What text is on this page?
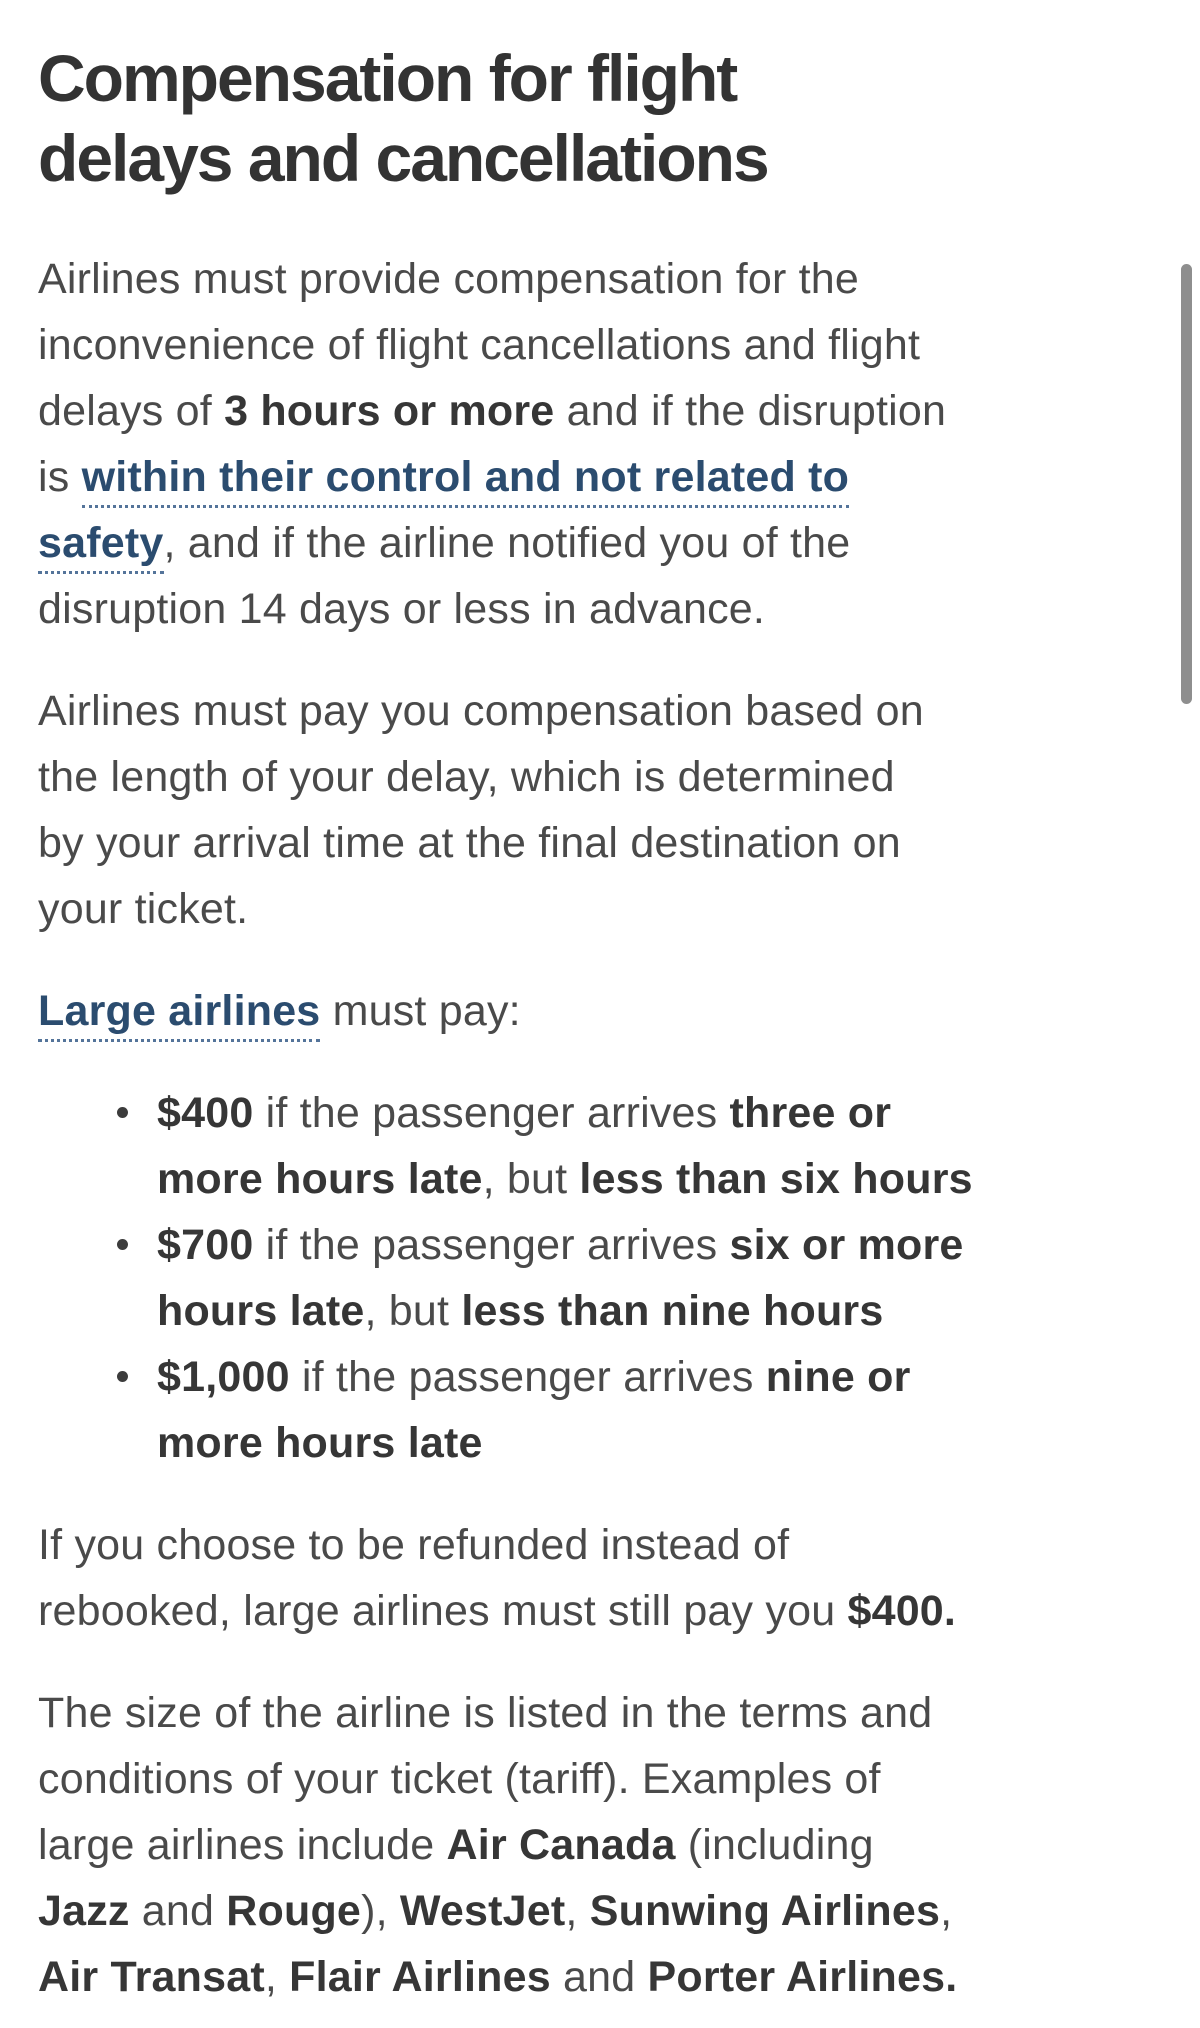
Compensation for flight
delays and cancellations

Airlines must provide compensation for the
inconvenience of flight cancellations and flight
delays of 3 hours or more and if the disruption
is within their control and not related to
safety, and if the airline notified you of the
disruption 14 days or less in advance.

Airlines must pay you compensation based on
the length of your delay, which is determined
by your arrival time at the final destination on
your ticket.

Large airlines must pay:

$400 if the passenger arrives three or
more hours late, but less than six hours
$700 if the passenger arrives six or more
hours late, but less than nine hours
$1,000 if the passenger arrives nine or
more hours late

If you choose to be refunded instead of
rebooked, large airlines must still pay you $400.

The size of the airline is listed in the terms and
conditions of your ticket (tariff). Examples of
large airlines include Air Canada (including
Jazz and Rouge), WestJet, Sunwing Airlines,
Air Transat, Flair Airlines and Porter Airlines.	© Flight Report
